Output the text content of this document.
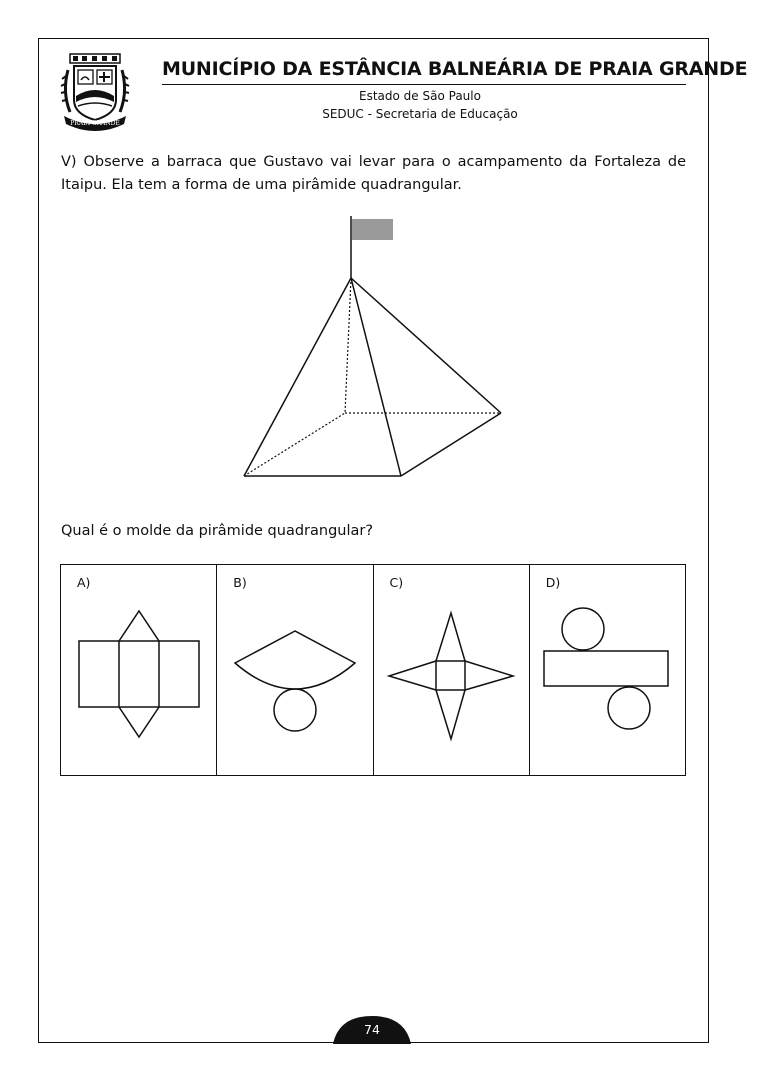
PRAIA GRANDE
MUNICÍPIO DA ESTÂNCIA BALNEÁRIA DE PRAIA GRANDE
Estado de São Paulo
SEDUC - Secretaria de Educação
V) Observe a barraca que Gustavo vai levar para o acampamento da Fortaleza de Itaipu. Ela tem a forma de uma pirâmide quadrangular.
Qual é o molde da pirâmide quadrangular?
A)	B)	C)	D)
74
